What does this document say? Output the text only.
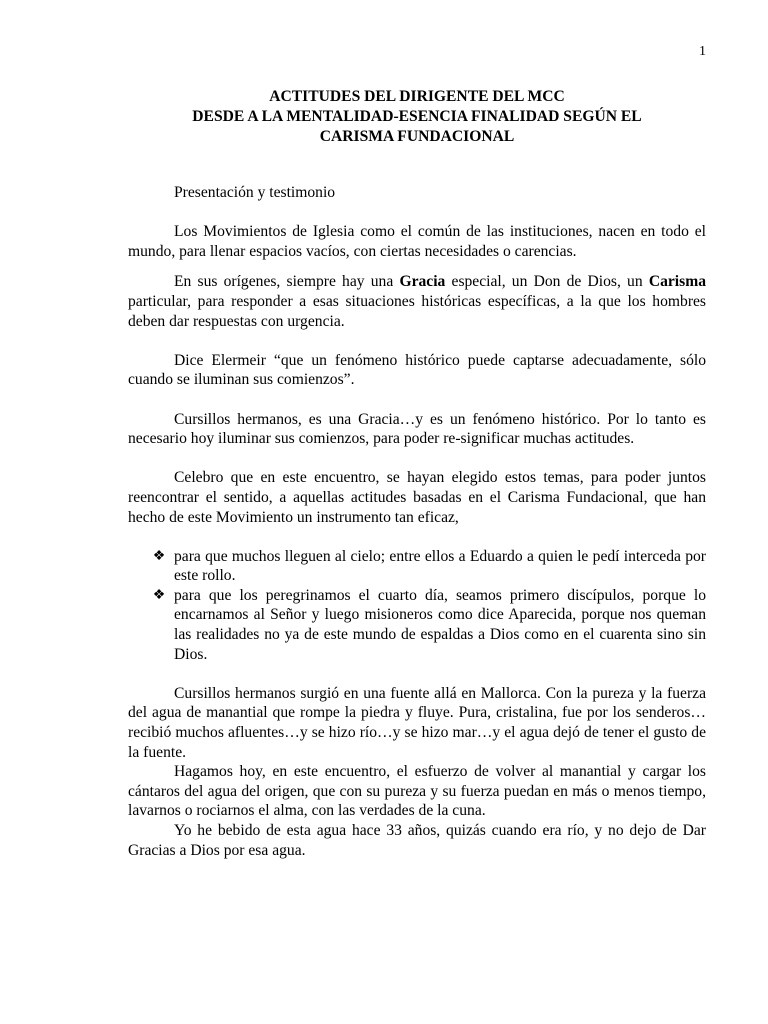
1
ACTITUDES DEL DIRIGENTE DEL MCC
DESDE A LA MENTALIDAD-ESENCIA FINALIDAD SEGÚN EL
CARISMA FUNDACIONAL

Presentación y testimonio

Los Movimientos de Iglesia como el común de las instituciones, nacen en todo el mundo, para llenar espacios vacíos, con ciertas necesidades o carencias.

En sus orígenes, siempre hay una Gracia especial, un Don de Dios, un Carisma particular, para responder a esas situaciones históricas específicas, a la que los hombres deben dar respuestas con urgencia.

Dice Elermeir “que un fenómeno histórico puede captarse adecuadamente, sólo cuando se iluminan sus comienzos”.

Cursillos hermanos, es una Gracia…y es un fenómeno histórico. Por lo tanto es necesario hoy iluminar sus comienzos, para poder re-significar muchas actitudes.

Celebro que en este encuentro, se hayan elegido estos temas, para poder juntos reencontrar el sentido, a aquellas actitudes basadas en el Carisma Fundacional, que han hecho de este Movimiento un instrumento tan eficaz,

❖ para que muchos lleguen al cielo; entre ellos a Eduardo a quien le pedí interceda por este rollo.
❖ para que los peregrinamos el cuarto día, seamos primero discípulos, porque lo encarnamos al Señor y luego misioneros como dice Aparecida, porque nos queman las realidades no ya de este mundo de espaldas a Dios como en el cuarenta sino sin Dios.

Cursillos hermanos surgió en una fuente allá en Mallorca. Con la pureza y la fuerza del agua de manantial que rompe la piedra y fluye. Pura, cristalina, fue por los senderos…recibió muchos afluentes…y se hizo río…y se hizo mar…y el agua dejó de tener el gusto de la fuente.

Hagamos hoy, en este encuentro, el esfuerzo de volver al manantial y cargar los cántaros del agua del origen, que con su pureza y su fuerza puedan en más o menos tiempo, lavarnos o rociarnos el alma, con las verdades de la cuna.

Yo he bebido de esta agua hace 33 años, quizás cuando era río, y no dejo de Dar Gracias a Dios por esa agua.
